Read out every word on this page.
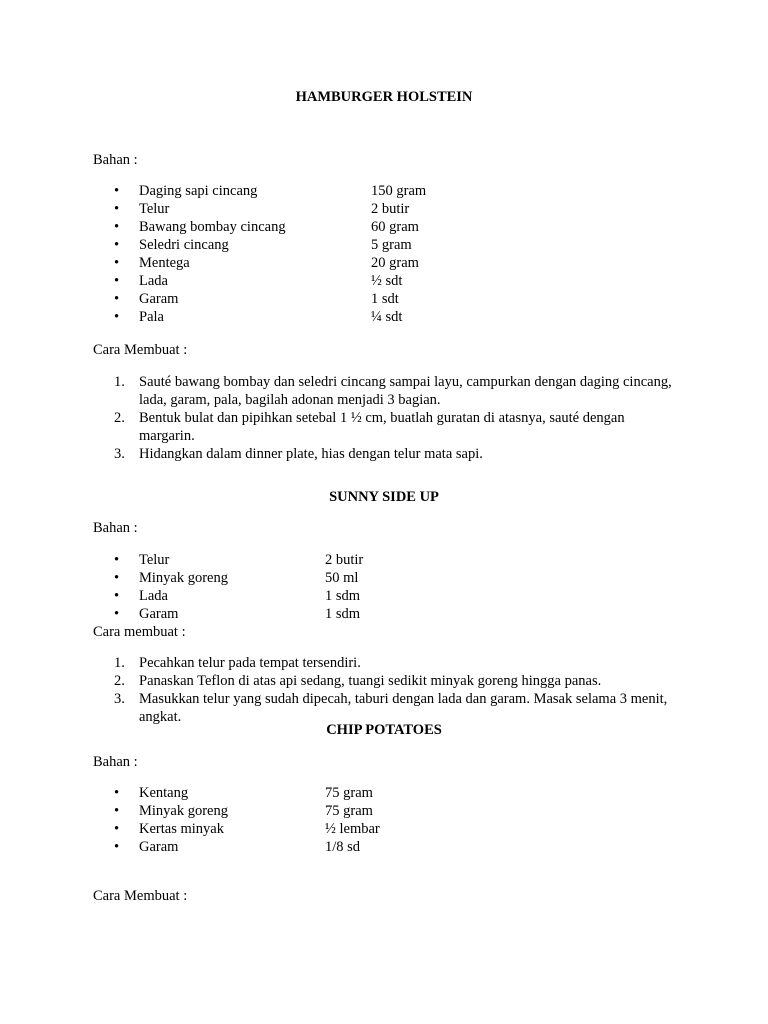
HAMBURGER HOLSTEIN
Bahan :
• Daging sapi cincang	150 gram
• Telur	2 butir
• Bawang bombay cincang	60 gram
• Seledri cincang	5 gram
• Mentega	20 gram
• Lada	½ sdt
• Garam	1 sdt
• Pala	¼ sdt
Cara Membuat :
1. Sauté bawang bombay dan seledri cincang sampai layu, campurkan dengan daging cincang, lada, garam, pala, bagilah adonan menjadi 3 bagian.
2. Bentuk bulat dan pipihkan setebal 1 ½ cm, buatlah guratan di atasnya, sauté dengan margarin.
3. Hidangkan dalam dinner plate, hias dengan telur mata sapi.
SUNNY SIDE UP
Bahan :
• Telur	2 butir
• Minyak goreng	50 ml
• Lada	1 sdm
• Garam	1 sdm
Cara membuat :
1. Pecahkan telur pada tempat tersendiri.
2. Panaskan Teflon di atas api sedang, tuangi sedikit minyak goreng hingga panas.
3. Masukkan telur yang sudah dipecah, taburi dengan lada dan garam. Masak selama 3 menit, angkat.
CHIP POTATOES
Bahan :
• Kentang	75 gram
• Minyak goreng	75 gram
• Kertas minyak	½ lembar
• Garam	1/8 sd
Cara Membuat :
